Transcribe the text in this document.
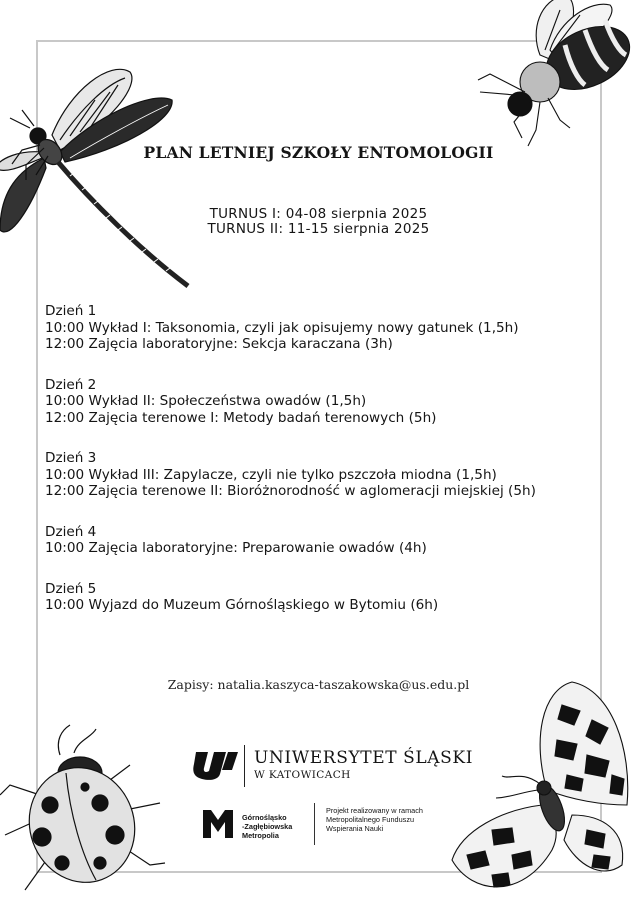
PLAN LETNIEJ SZKOŁY ENTOMOLOGII
TURNUS I: 04-08 sierpnia 2025
TURNUS II: 11-15 sierpnia 2025
Dzień 1
10:00 Wykład I: Taksonomia, czyli jak opisujemy nowy gatunek (1,5h)
12:00 Zajęcia laboratoryjne: Sekcja karaczana (3h)
Dzień 2
10:00 Wykład II: Społeczeństwa owadów (1,5h)
12:00 Zajęcia terenowe I: Metody badań terenowych (5h)
Dzień 3
10:00 Wykład III: Zapylacze, czyli nie tylko pszczoła miodna (1,5h)
12:00 Zajęcia terenowe II: Bioróżnorodność w aglomeracji miejskiej (5h)
Dzień 4
10:00 Zajęcia laboratoryjne: Preparowanie owadów (4h)
Dzień 5
10:00 Wyjazd do Muzeum Górnośląskiego w Bytomiu (6h)
Zapisy: natalia.kaszyca-taszakowska@us.edu.pl
UNIWERSYTET ŚLĄSKI
W KATOWICACH
Górnośląsko
-Zagłębiowska
Metropolia
Projekt realizowany w ramach
Metropolitalnego Funduszu
Wspierania Nauki
